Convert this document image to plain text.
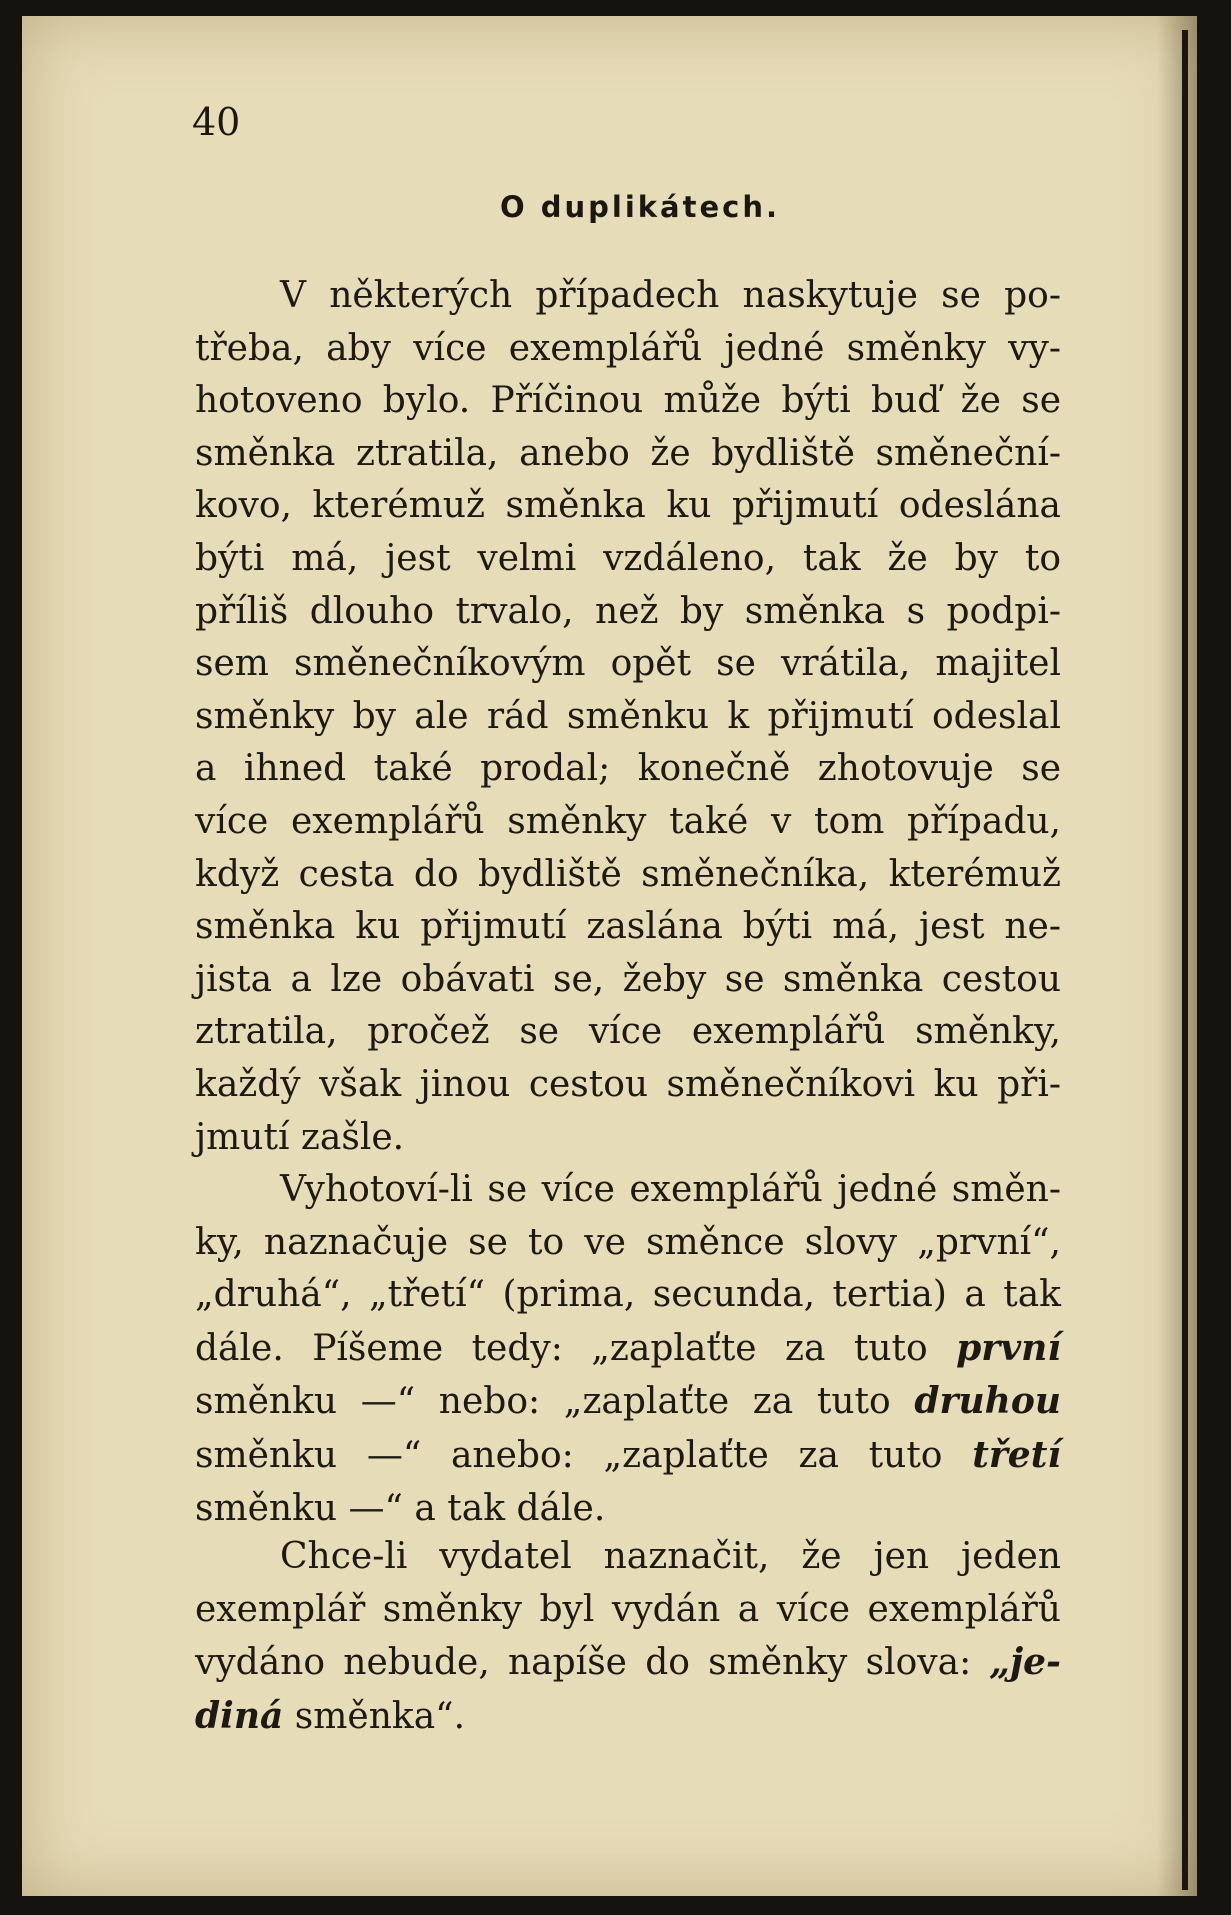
40
O duplikátech.
V některých případech naskytuje se po-
třeba, aby více exemplářů jedné směnky vy-
hotoveno bylo. Příčinou může býti buď že se
směnka ztratila, anebo že bydliště směneční-
kovo, kterémuž směnka ku přijmutí odeslána
býti má, jest velmi vzdáleno, tak že by to
příliš dlouho trvalo, než by směnka s podpi-
sem směnečníkovým opět se vrátila, majitel
směnky by ale rád směnku k přijmutí odeslal
a ihned také prodal; konečně zhotovuje se
více exemplářů směnky také v tom případu,
když cesta do bydliště směnečníka, kterémuž
směnka ku přijmutí zaslána býti má, jest ne-
jista a lze obávati se, žeby se směnka cestou
ztratila, pročež se více exemplářů směnky,
každý však jinou cestou směnečníkovi ku při-
jmutí zašle.
Vyhotoví-li se více exemplářů jedné směn-
ky, naznačuje se to ve směnce slovy „první“,
„druhá“, „třetí“ (prima, secunda, tertia) a tak
dále. Píšeme tedy: „zaplaťte za tuto první
směnku —“ nebo: „zaplaťte za tuto druhou
směnku —“ anebo: „zaplaťte za tuto třetí
směnku —“ a tak dále.
Chce-li vydatel naznačit, že jen jeden
exemplář směnky byl vydán a více exemplářů
vydáno nebude, napíše do směnky slova: „je-
diná směnka“.
